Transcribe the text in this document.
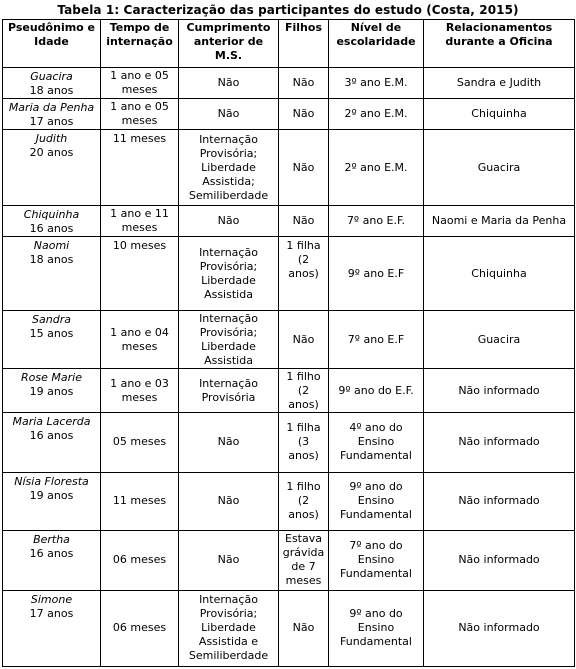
Tabela 1: Caracterização das participantes do estudo (Costa, 2015)
Pseudônimo e
Idade	Tempo de
internação	Cumprimento
anterior de
M.S.	Filhos	Nível de
escolaridade	Relacionamentos
durante a Oficina

Guacira
18 anos	1 ano e 05
meses	Não	Não	3º ano E.M.	Sandra e Judith

Maria da Penha
17 anos	1 ano e 05
meses	Não	Não	2º ano E.M.	Chiquinha

Judith
20 anos	11 meses	Internação
Provisória;
Liberdade
Assistida;
Semiliberdade	Não	2º ano E.M.	Guacira

Chiquinha
16 anos	1 ano e 11
meses	Não	Não	7º ano E.F.	Naomi e Maria da Penha

Naomi
18 anos	10 meses	Internação
Provisória;
Liberdade
Assistida	1 filha
(2 anos)	9º ano E.F	Chiquinha

Sandra
15 anos	1 ano e 04
meses	Internação
Provisória;
Liberdade
Assistida	Não	7º ano E.F	Guacira

Rose Marie
19 anos	1 ano e 03
meses	Internação
Provisória	1 filho
(2 anos)	9º ano do E.F.	Não informado

Maria Lacerda
16 anos	05 meses	Não	1 filha
(3 anos)	4º ano do
Ensino
Fundamental	Não informado

Nísia Floresta
19 anos	11 meses	Não	1 filho
(2 anos)	9º ano do
Ensino
Fundamental	Não informado

Bertha
16 anos	06 meses	Não	Estava
grávida
de 7
meses	7º ano do
Ensino
Fundamental	Não informado

Simone
17 anos	06 meses	Internação
Provisória;
Liberdade
Assistida e
Semiliberdade	Não	9º ano do
Ensino
Fundamental	Não informado
